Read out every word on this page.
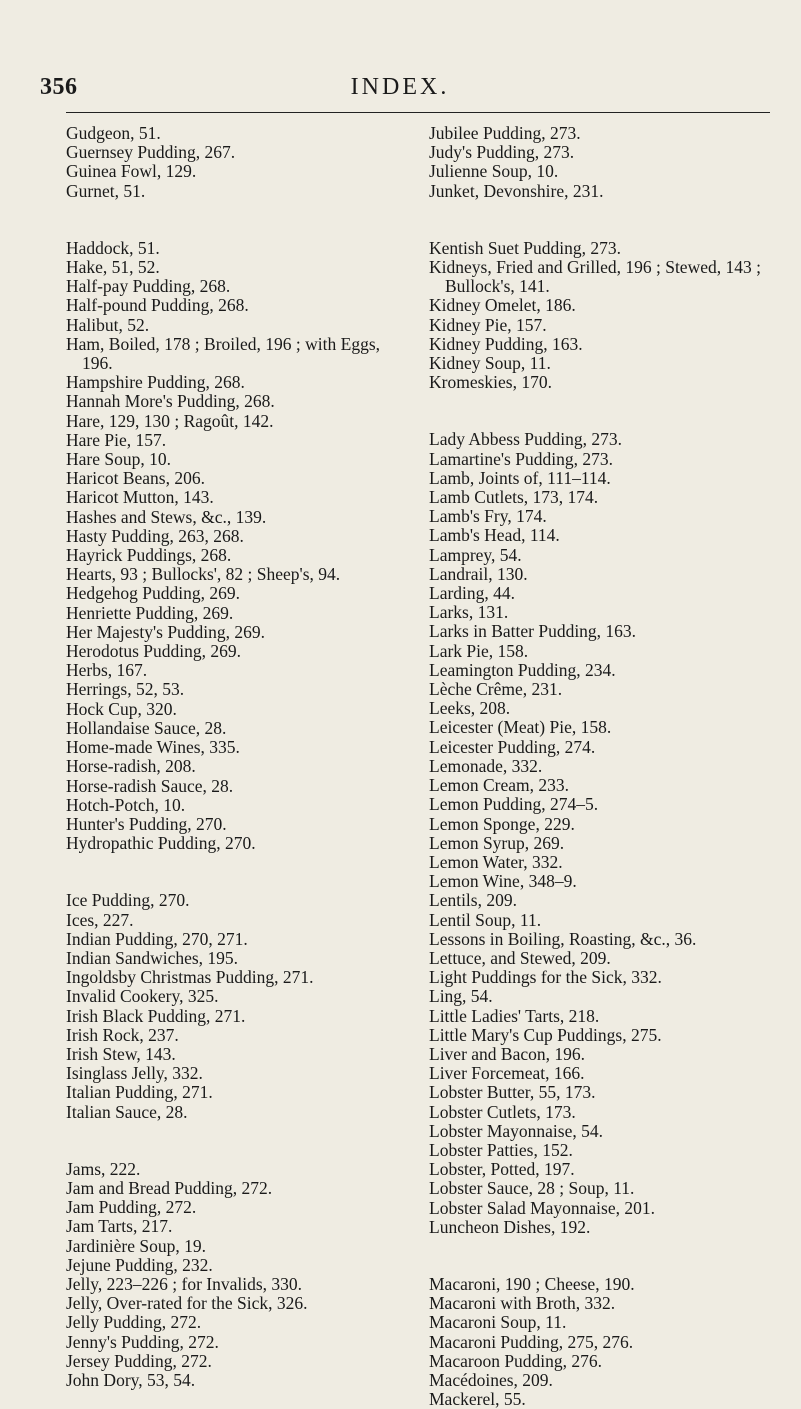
356	INDEX.
Gudgeon, 51.
Guernsey Pudding, 267.
Guinea Fowl, 129.
Gurnet, 51.
Haddock, 51.
Hake, 51, 52.
Half-pay Pudding, 268.
Half-pound Pudding, 268.
Halibut, 52.
Ham, Boiled, 178 ; Broiled, 196 ; with Eggs, 196.
Hampshire Pudding, 268.
Hannah More's Pudding, 268.
Hare, 129, 130 ; Ragoût, 142.
Hare Pie, 157.
Hare Soup, 10.
Haricot Beans, 206.
Haricot Mutton, 143.
Hashes and Stews, &c., 139.
Hasty Pudding, 263, 268.
Hayrick Puddings, 268.
Hearts, 93 ; Bullocks', 82 ; Sheep's, 94.
Hedgehog Pudding, 269.
Henriette Pudding, 269.
Her Majesty's Pudding, 269.
Herodotus Pudding, 269.
Herbs, 167.
Herrings, 52, 53.
Hock Cup, 320.
Hollandaise Sauce, 28.
Home-made Wines, 335.
Horse-radish, 208.
Horse-radish Sauce, 28.
Hotch-Potch, 10.
Hunter's Pudding, 270.
Hydropathic Pudding, 270.
Ice Pudding, 270.
Ices, 227.
Indian Pudding, 270, 271.
Indian Sandwiches, 195.
Ingoldsby Christmas Pudding, 271.
Invalid Cookery, 325.
Irish Black Pudding, 271.
Irish Rock, 237.
Irish Stew, 143.
Isinglass Jelly, 332.
Italian Pudding, 271.
Italian Sauce, 28.
Jams, 222.
Jam and Bread Pudding, 272.
Jam Pudding, 272.
Jam Tarts, 217.
Jardinière Soup, 19.
Jejune Pudding, 232.
Jelly, 223–226 ; for Invalids, 330.
Jelly, Over-rated for the Sick, 326.
Jelly Pudding, 272.
Jenny's Pudding, 272.
Jersey Pudding, 272.
John Dory, 53, 54.
Jubilee Pudding, 273.
Judy's Pudding, 273.
Julienne Soup, 10.
Junket, Devonshire, 231.
Kentish Suet Pudding, 273.
Kidneys, Fried and Grilled, 196 ; Stewed, 143 ; Bullock's, 141.
Kidney Omelet, 186.
Kidney Pie, 157.
Kidney Pudding, 163.
Kidney Soup, 11.
Kromeskies, 170.
Lady Abbess Pudding, 273.
Lamartine's Pudding, 273.
Lamb, Joints of, 111–114.
Lamb Cutlets, 173, 174.
Lamb's Fry, 174.
Lamb's Head, 114.
Lamprey, 54.
Landrail, 130.
Larding, 44.
Larks, 131.
Larks in Batter Pudding, 163.
Lark Pie, 158.
Leamington Pudding, 234.
Lèche Crême, 231.
Leeks, 208.
Leicester (Meat) Pie, 158.
Leicester Pudding, 274.
Lemonade, 332.
Lemon Cream, 233.
Lemon Pudding, 274–5.
Lemon Sponge, 229.
Lemon Syrup, 269.
Lemon Water, 332.
Lemon Wine, 348–9.
Lentils, 209.
Lentil Soup, 11.
Lessons in Boiling, Roasting, &c., 36.
Lettuce, and Stewed, 209.
Light Puddings for the Sick, 332.
Ling, 54.
Little Ladies' Tarts, 218.
Little Mary's Cup Puddings, 275.
Liver and Bacon, 196.
Liver Forcemeat, 166.
Lobster Butter, 55, 173.
Lobster Cutlets, 173.
Lobster Mayonnaise, 54.
Lobster Patties, 152.
Lobster, Potted, 197.
Lobster Sauce, 28 ; Soup, 11.
Lobster Salad Mayonnaise, 201.
Luncheon Dishes, 192.
Macaroni, 190 ; Cheese, 190.
Macaroni with Broth, 332.
Macaroni Soup, 11.
Macaroni Pudding, 275, 276.
Macaroon Pudding, 276.
Macédoines, 209.
Mackerel, 55.
